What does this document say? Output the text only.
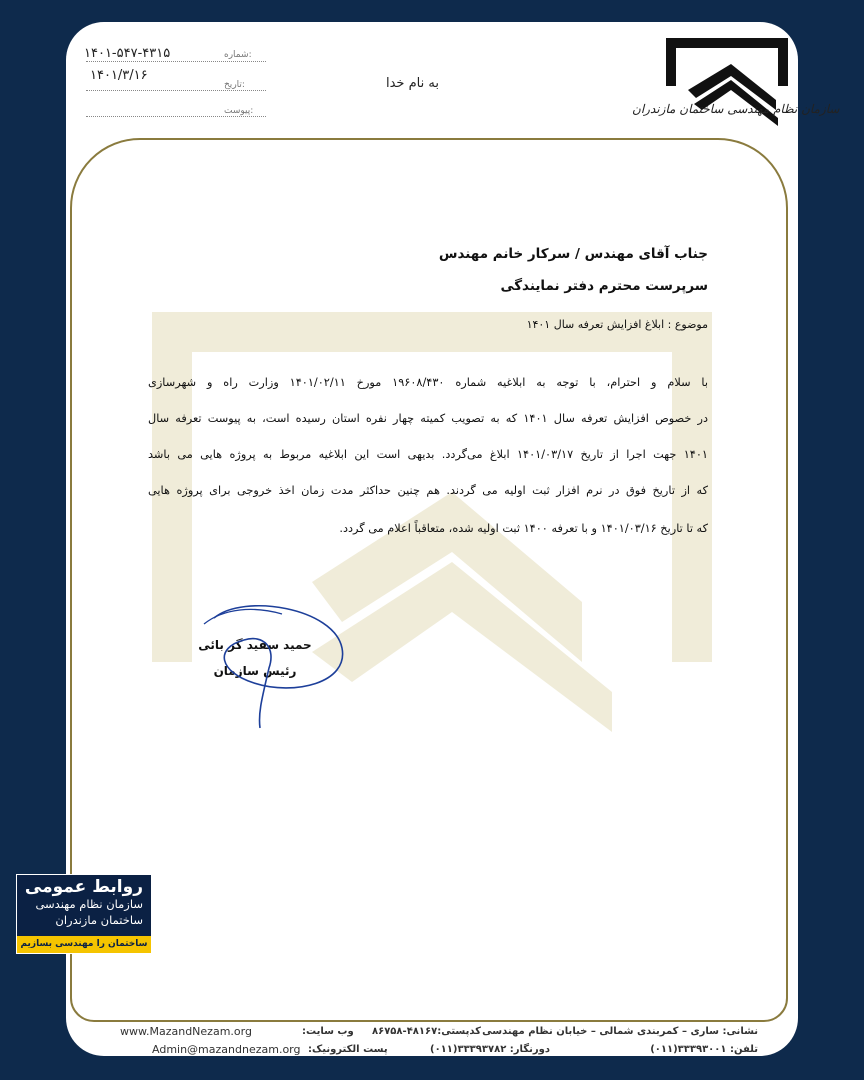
۱۴۰۱-۵۴۷-۴۳۱۵	شماره:
۱۴۰۱/۳/۱۶
تاریخ:
پیوست:
به نام خدا
سازمان نظام مهندسی ساختمان مازندران
جناب آقای مهندس / سرکار خانم مهندس
سرپرست محترم دفتر نمایندگی
موضوع : ابلاغ افزایش تعرفه سال ۱۴۰۱
با سلام و احترام، با توجه به ابلاغیه شماره ۱۹۶۰۸/۴۳۰ مورخ ۱۴۰۱/۰۲/۱۱ وزارت راه و شهرسازی
در خصوص افزایش تعرفه سال ۱۴۰۱ که به تصویب کمیته چهار نفره استان رسیده است، به پیوست تعرفه سال
۱۴۰۱ جهت اجرا از تاریخ ۱۴۰۱/۰۳/۱۷ ابلاغ می‌گردد. بدیهی است این ابلاغیه مربوط به پروژه هایی می باشد
که از تاریخ فوق در نرم افزار ثبت اولیه می گردند. هم چنین حداکثر مدت زمان اخذ خروجی برای پروژه هایی
که تا تاریخ ۱۴۰۱/۰۳/۱۶ و با تعرفه ۱۴۰۰ ثبت اولیه شده، متعاقباً اعلام می گردد.
حمید سفید گر بائی
رئیس سازمان
نشانی: ساری – کمربندی شمالی – خیابان نظام مهندسی
کدپستی:۴۸۱۶۷-۸۶۷۵۸
وب سایت:
www.MazandNezam.org
تلفن: ۳۳۳۹۳۰۰۱(۰۱۱)
دورنگار: ۳۳۳۹۳۷۸۲(۰۱۱)
پست الکترونیک:
Admin@mazandnezam.org
روابط عمومی
سازمان نظام مهندسی
ساختمان مازندران
ساختمان را مهندسی بسازیم
